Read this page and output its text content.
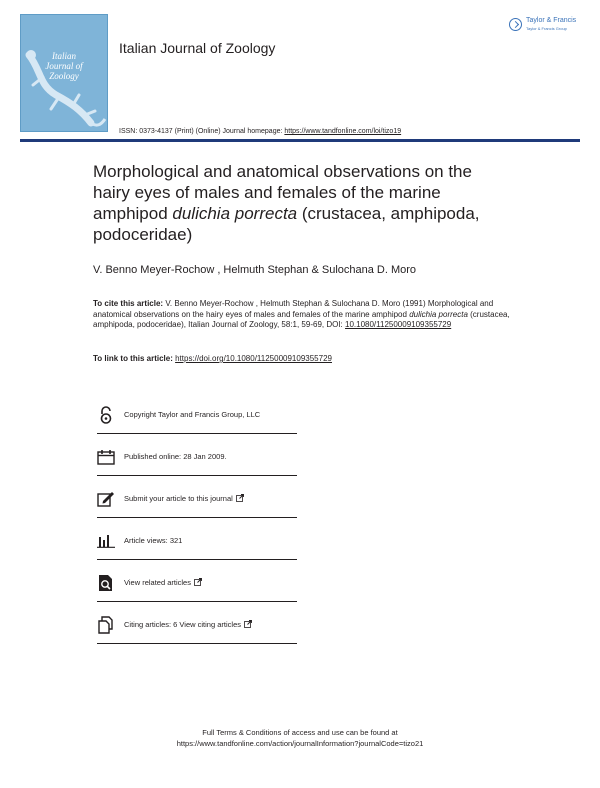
Italian
Journal of
Zoology
Italian Journal of Zoology
Taylor & Francis
Taylor & Francis Group
ISSN: 0373-4137 (Print) (Online) Journal homepage: https://www.tandfonline.com/loi/tizo19
Morphological and anatomical observations on the hairy eyes of males and females of the marine amphipod dulichia porrecta (crustacea, amphipoda, podoceridae)
V. Benno Meyer-Rochow , Helmuth Stephan & Sulochana D. Moro
To cite this article: V. Benno Meyer-Rochow , Helmuth Stephan & Sulochana D. Moro (1991) Morphological and anatomical observations on the hairy eyes of males and females of the marine amphipod dulichia porrecta (crustacea, amphipoda, podoceridae), Italian Journal of Zoology, 58:1, 59-69, DOI: 10.1080/11250009109355729
To link to this article: https://doi.org/10.1080/11250009109355729
Copyright Taylor and Francis Group, LLC
Published online: 28 Jan 2009.
Submit your article to this journal
Article views: 321
View related articles
Citing articles: 6 View citing articles
Full Terms & Conditions of access and use can be found at
https://www.tandfonline.com/action/journalInformation?journalCode=tizo21
